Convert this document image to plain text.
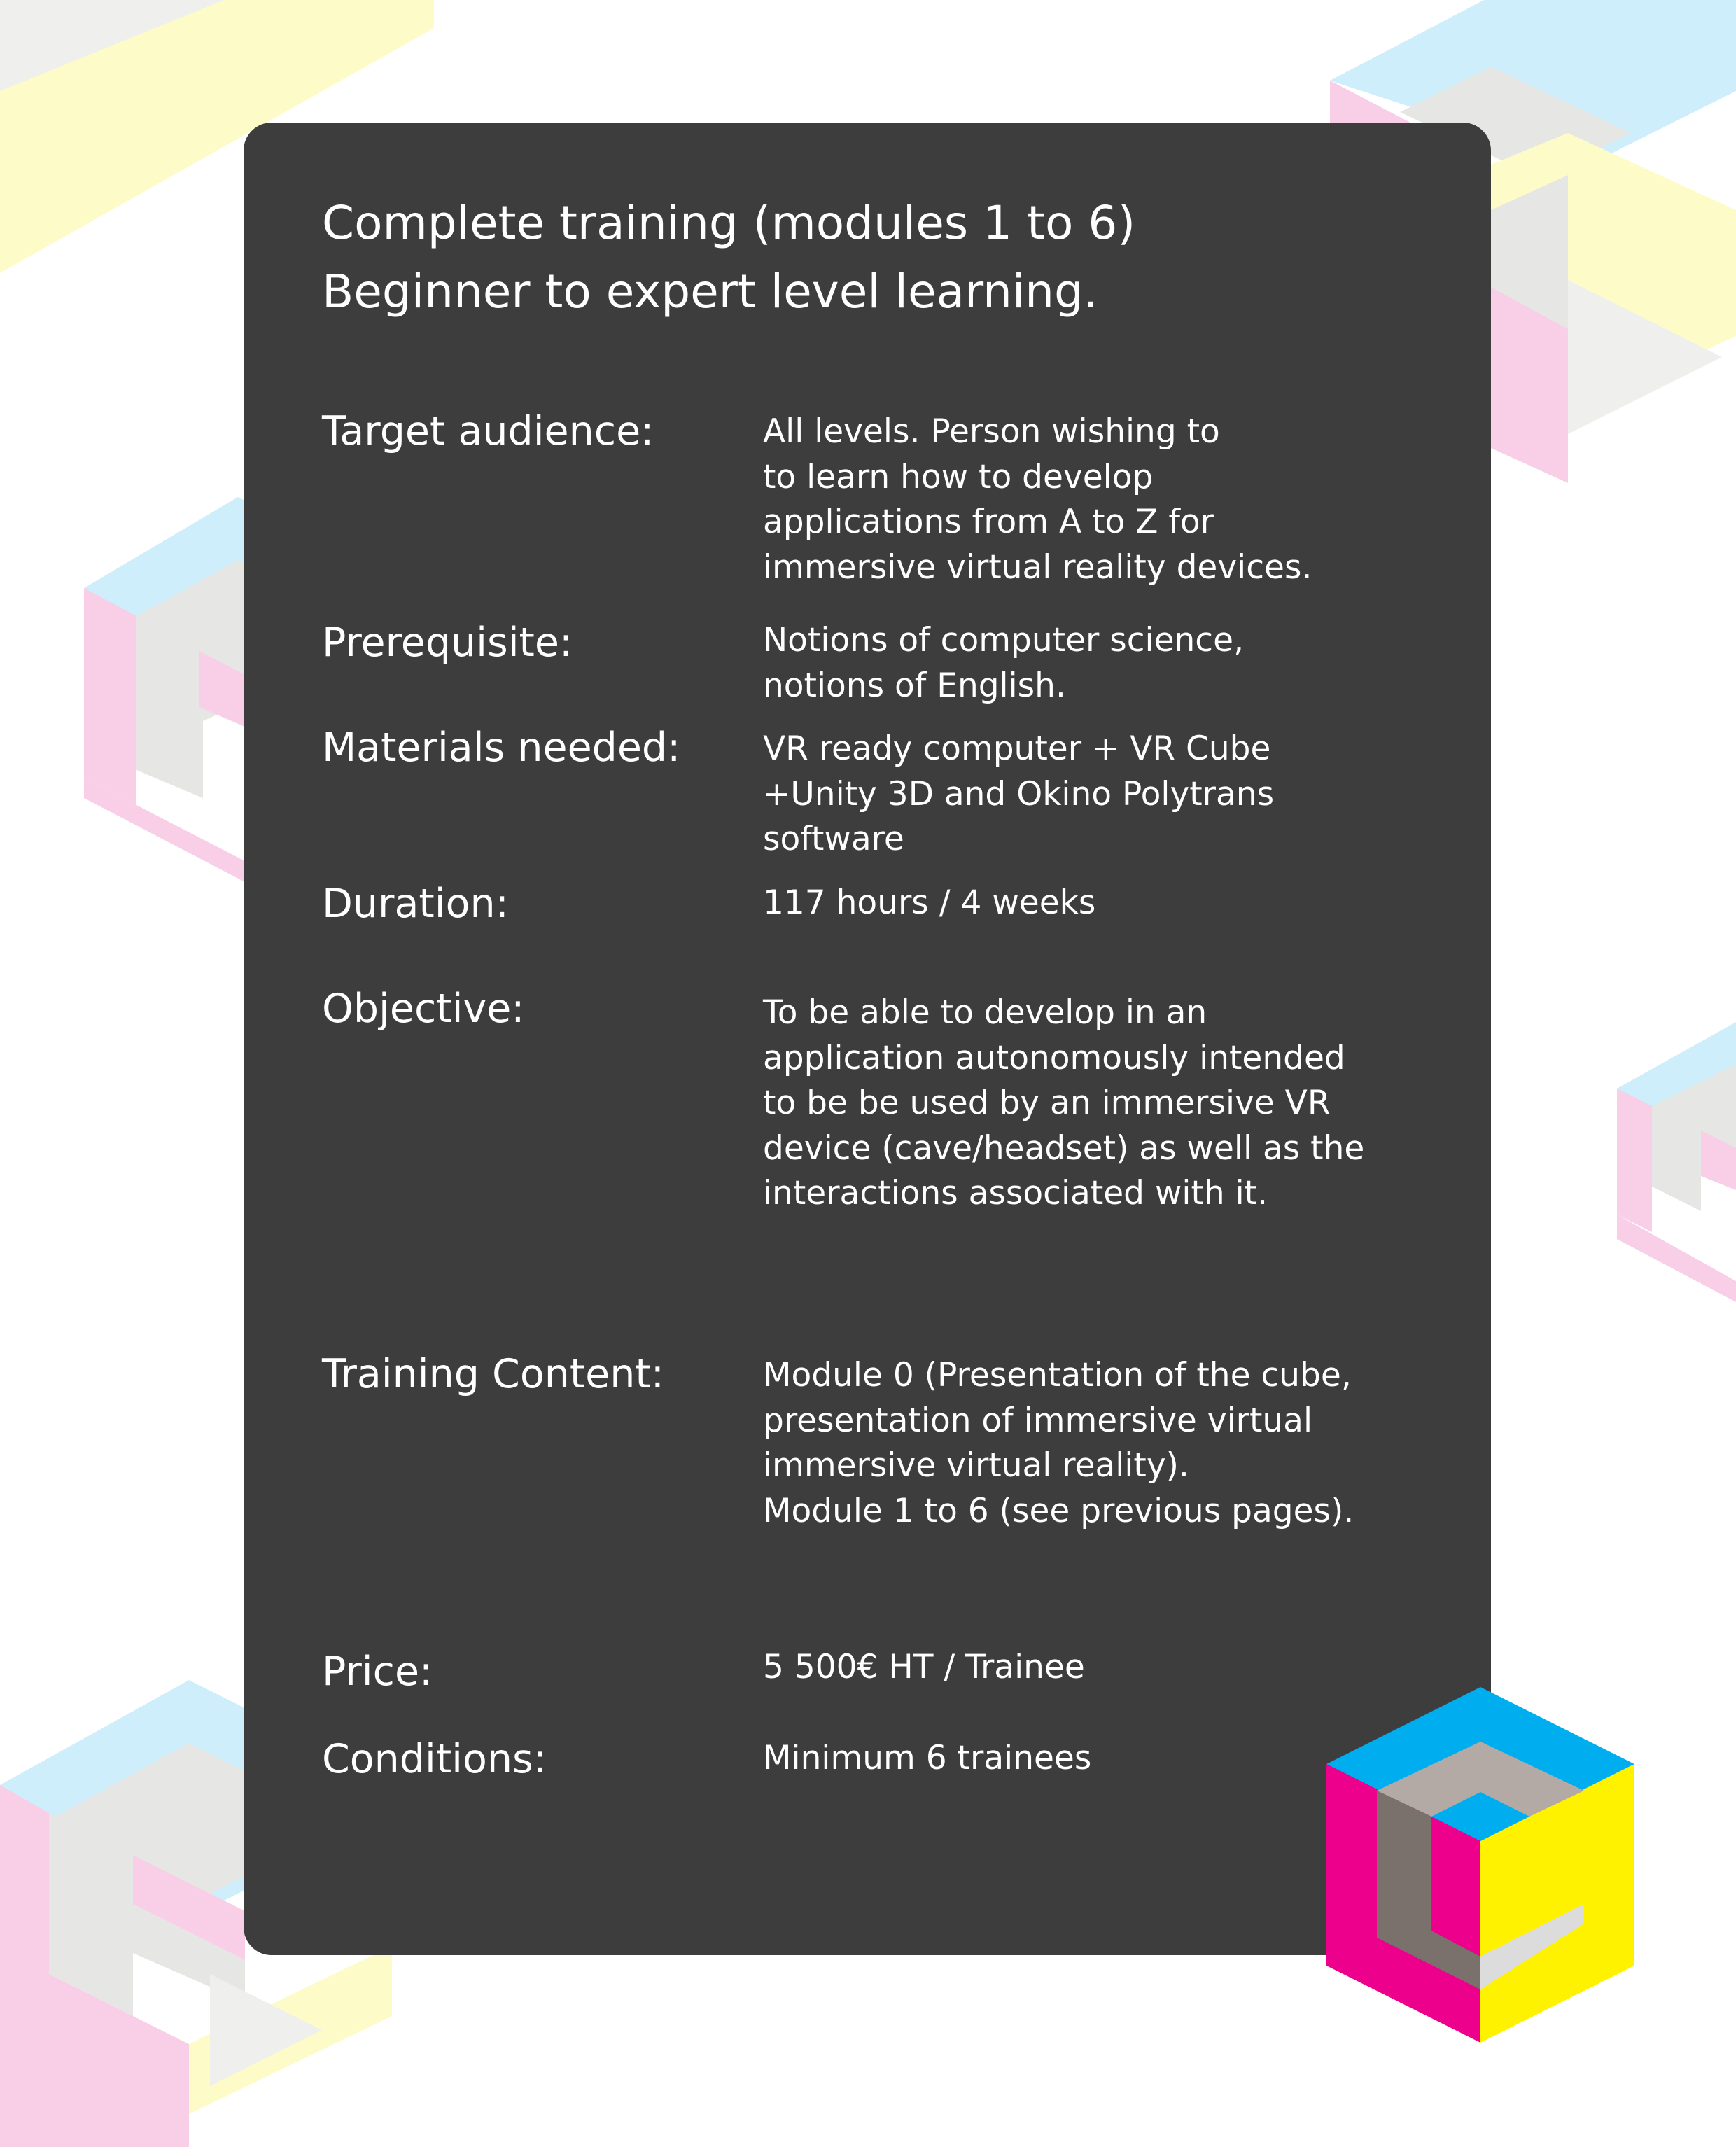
Complete training (modules 1 to 6)
Beginner to expert level learning.
Target audience:	All levels. Person wishing to
to learn how to develop
applications from A to Z for
immersive virtual reality devices.
Prerequisite:	Notions of computer science,
notions of English.
Materials needed:	VR ready computer + VR Cube
+Unity 3D and Okino Polytrans
software
Duration:	117 hours / 4 weeks
Objective:	To be able to develop in an
application autonomously intended
to be be used by an immersive VR
device (cave/headset) as well as the
interactions associated with it.
Training Content:	Module 0 (Presentation of the cube,
presentation of immersive virtual
immersive virtual reality).
Module 1 to 6 (see previous pages).
Price:	5 500€ HT / Trainee
Conditions:	Minimum 6 trainees
